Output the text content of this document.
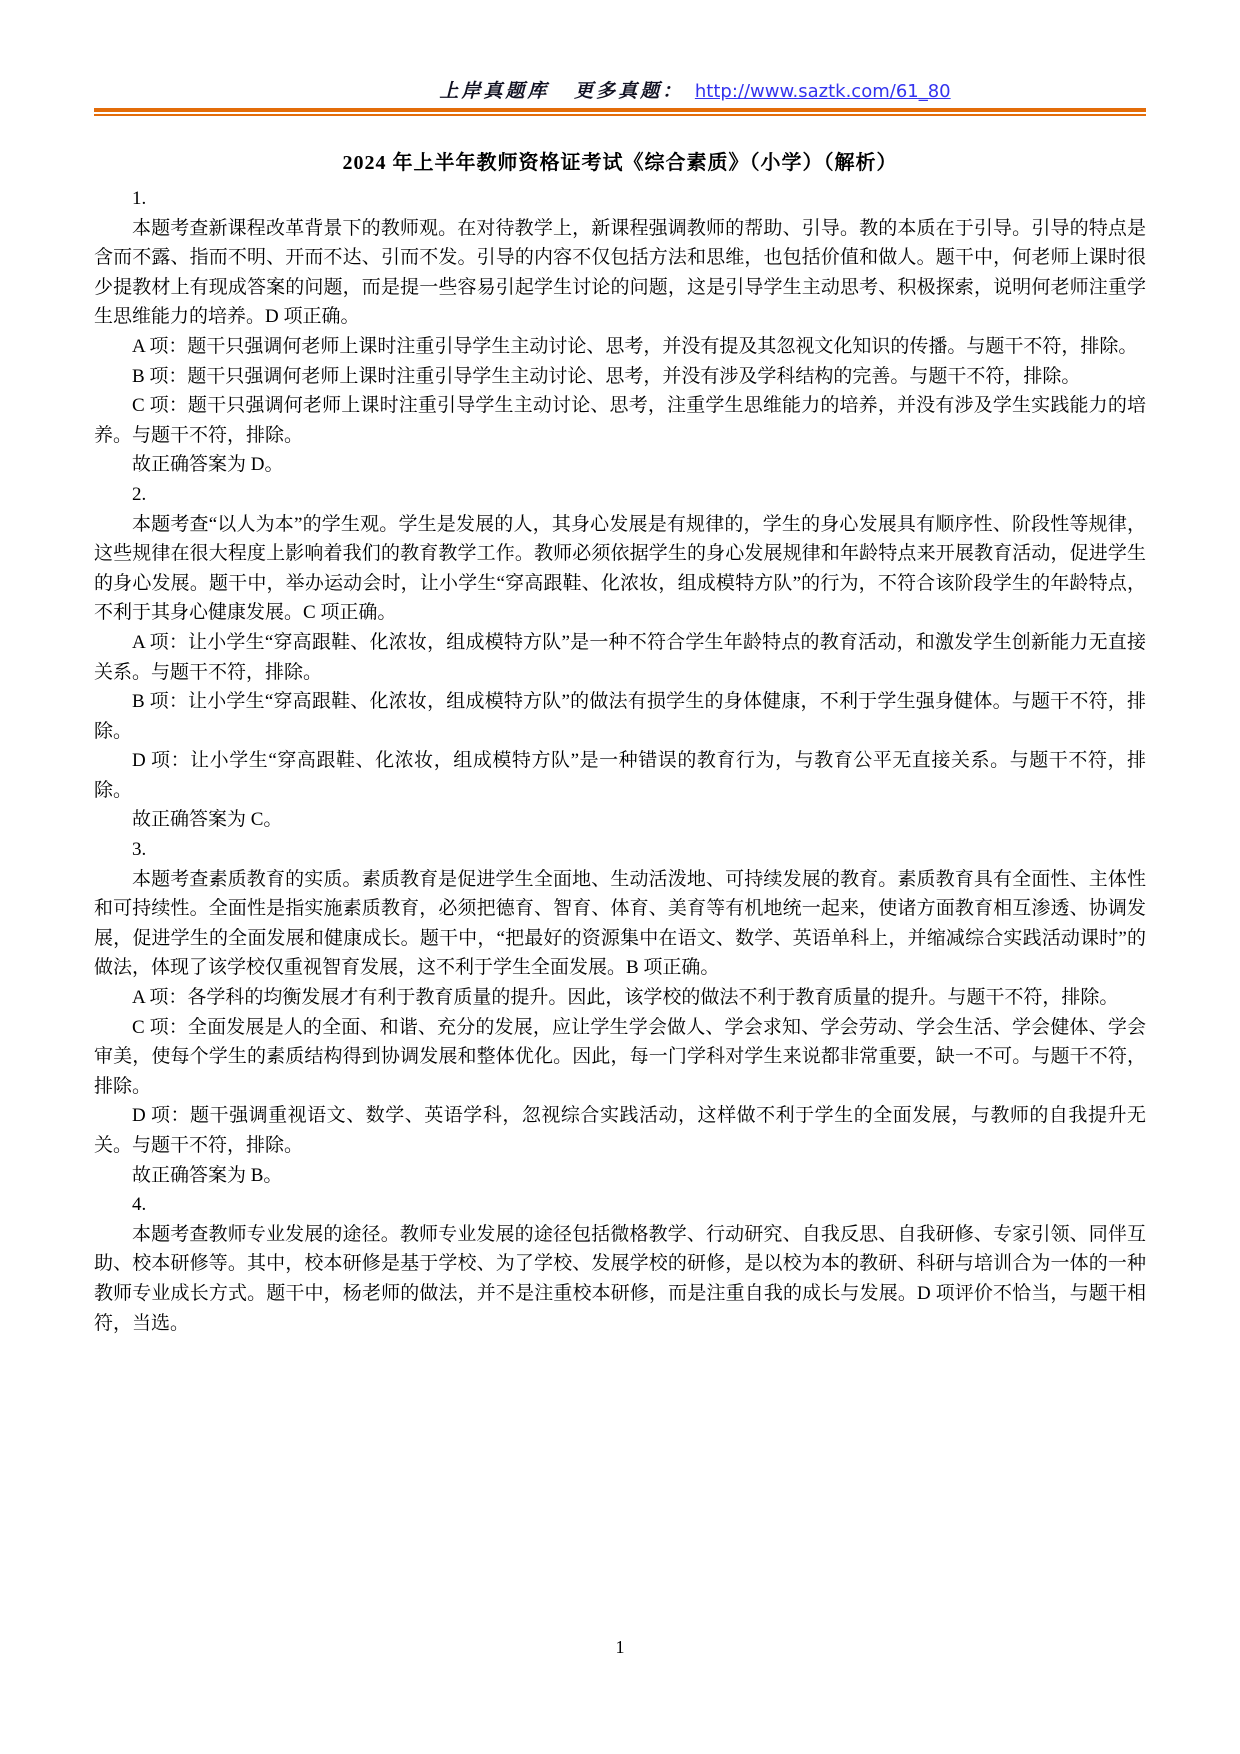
上岸真题库 更多真题： http://www.saztk.com/61_80
2024 年上半年教师资格证考试《综合素质》（小学）（解析）

1.

本题考查新课程改革背景下的教师观。在对待教学上，新课程强调教师的帮助、引导。教的本质在于引导。引导的特点是含而不露、指而不明、开而不达、引而不发。引导的内容不仅包括方法和思维，也包括价值和做人。题干中，何老师上课时很少提教材上有现成答案的问题，而是提一些容易引起学生讨论的问题，这是引导学生主动思考、积极探索，说明何老师注重学生思维能力的培养。D 项正确。

A 项：题干只强调何老师上课时注重引导学生主动讨论、思考，并没有提及其忽视文化知识的传播。与题干不符，排除。

B 项：题干只强调何老师上课时注重引导学生主动讨论、思考，并没有涉及学科结构的完善。与题干不符，排除。

C 项：题干只强调何老师上课时注重引导学生主动讨论、思考，注重学生思维能力的培养，并没有涉及学生实践能力的培养。与题干不符，排除。

故正确答案为 D。

2.

本题考查“以人为本”的学生观。学生是发展的人，其身心发展是有规律的，学生的身心发展具有顺序性、阶段性等规律，这些规律在很大程度上影响着我们的教育教学工作。教师必须依据学生的身心发展规律和年龄特点来开展教育活动，促进学生的身心发展。题干中，举办运动会时，让小学生“穿高跟鞋、化浓妆，组成模特方队”的行为，不符合该阶段学生的年龄特点，不利于其身心健康发展。C 项正确。

A 项：让小学生“穿高跟鞋、化浓妆，组成模特方队”是一种不符合学生年龄特点的教育活动，和激发学生创新能力无直接关系。与题干不符，排除。

B 项：让小学生“穿高跟鞋、化浓妆，组成模特方队”的做法有损学生的身体健康，不利于学生强身健体。与题干不符，排除。

D 项：让小学生“穿高跟鞋、化浓妆，组成模特方队”是一种错误的教育行为，与教育公平无直接关系。与题干不符，排除。

故正确答案为 C。

3.

本题考查素质教育的实质。素质教育是促进学生全面地、生动活泼地、可持续发展的教育。素质教育具有全面性、主体性和可持续性。全面性是指实施素质教育，必须把德育、智育、体育、美育等有机地统一起来，使诸方面教育相互渗透、协调发展，促进学生的全面发展和健康成长。题干中，“把最好的资源集中在语文、数学、英语单科上，并缩减综合实践活动课时”的做法，体现了该学校仅重视智育发展，这不利于学生全面发展。B 项正确。

A 项：各学科的均衡发展才有利于教育质量的提升。因此，该学校的做法不利于教育质量的提升。与题干不符，排除。

C 项：全面发展是人的全面、和谐、充分的发展，应让学生学会做人、学会求知、学会劳动、学会生活、学会健体、学会审美，使每个学生的素质结构得到协调发展和整体优化。因此，每一门学科对学生来说都非常重要，缺一不可。与题干不符，排除。

D 项：题干强调重视语文、数学、英语学科，忽视综合实践活动，这样做不利于学生的全面发展，与教师的自我提升无关。与题干不符，排除。

故正确答案为 B。

4.

本题考查教师专业发展的途径。教师专业发展的途径包括微格教学、行动研究、自我反思、自我研修、专家引领、同伴互助、校本研修等。其中，校本研修是基于学校、为了学校、发展学校的研修，是以校为本的教研、科研与培训合为一体的一种教师专业成长方式。题干中，杨老师的做法，并不是注重校本研修，而是注重自我的成长与发展。D 项评价不恰当，与题干相符，当选。

1
